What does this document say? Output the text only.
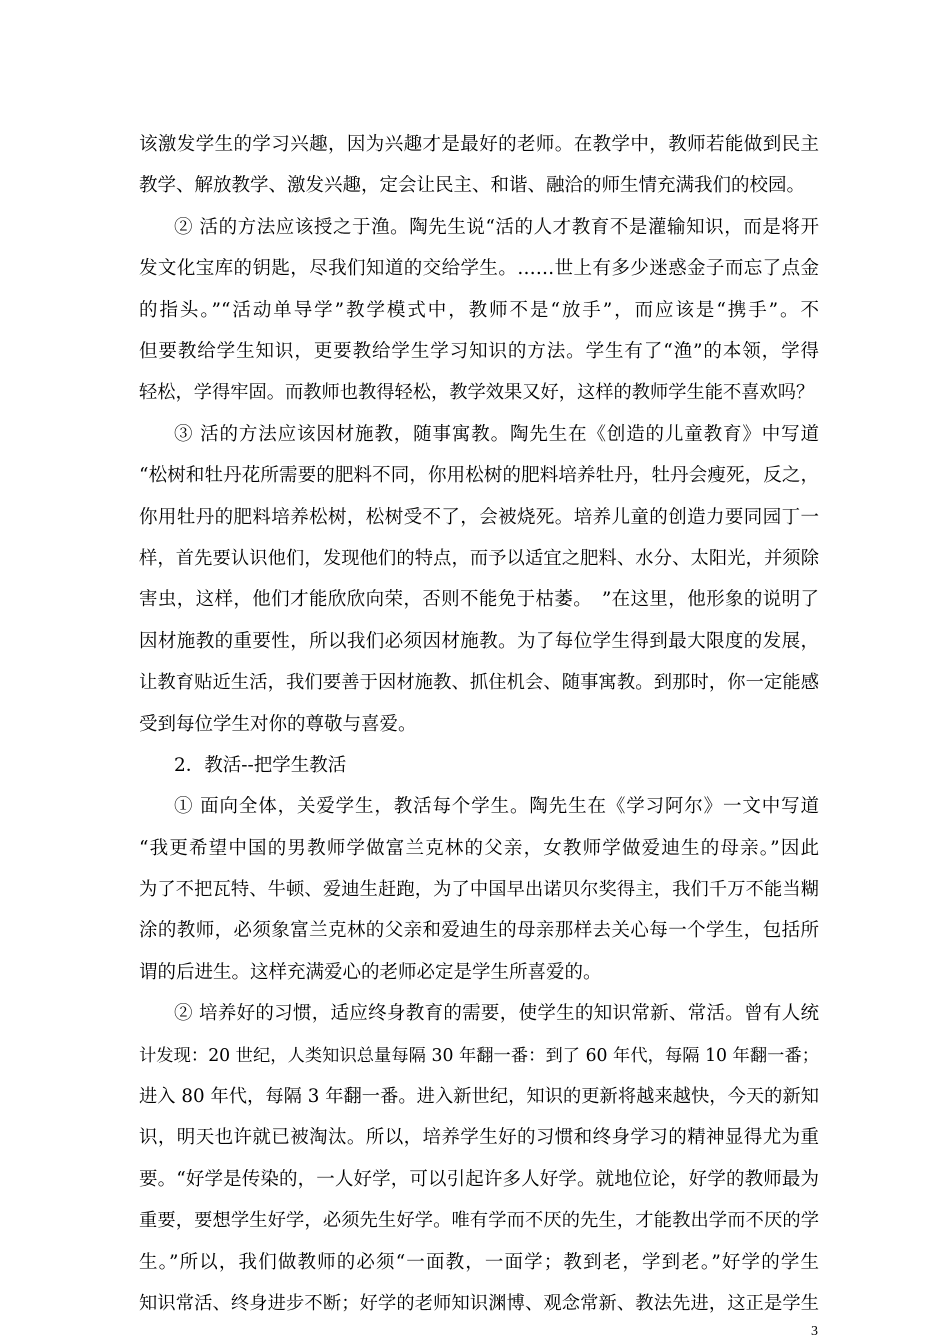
该激发学生的学习兴趣，因为兴趣才是最好的老师。在教学中，教师若能做到民主
教学、解放教学、激发兴趣，定会让民主、和谐、融洽的师生情充满我们的校园。
② 活的方法应该授之于渔。陶先生说“活的人才教育不是灌输知识，而是将开
发文化宝库的钥匙，尽我们知道的交给学生。……世上有多少迷惑金子而忘了点金
的指头。”“活动单导学”教学模式中，教师不是“放手”，而应该是“携手”。不
但要教给学生知识，更要教给学生学习知识的方法。学生有了“渔”的本领，学得
轻松，学得牢固。而教师也教得轻松，教学效果又好，这样的教师学生能不喜欢吗？
③ 活的方法应该因材施教，随事寓教。陶先生在《创造的儿童教育》中写道
“松树和牡丹花所需要的肥料不同，你用松树的肥料培养牡丹，牡丹会瘦死，反之，
你用牡丹的肥料培养松树，松树受不了，会被烧死。培养儿童的创造力要同园丁一
样，首先要认识他们，发现他们的特点，而予以适宜之肥料、水分、太阳光，并须除
害虫，这样，他们才能欣欣向荣，否则不能免于枯萎。　”在这里，他形象的说明了
因材施教的重要性，所以我们必须因材施教。为了每位学生得到最大限度的发展，
让教育贴近生活，我们要善于因材施教、抓住机会、随事寓教。到那时，你一定能感
受到每位学生对你的尊敬与喜爱。
2．教活--把学生教活
① 面向全体，关爱学生，教活每个学生。陶先生在《学习阿尔》一文中写道
“我更希望中国的男教师学做富兰克林的父亲，女教师学做爱迪生的母亲。”因此
为了不把瓦特、牛顿、爱迪生赶跑，为了中国早出诺贝尔奖得主，我们千万不能当糊
涂的教师，必须象富兰克林的父亲和爱迪生的母亲那样去关心每一个学生，包括所
谓的后进生。这样充满爱心的老师必定是学生所喜爱的。
② 培养好的习惯，适应终身教育的需要，使学生的知识常新、常活。曾有人统
计发现：20 世纪，人类知识总量每隔 30 年翻一番：到了 60 年代，每隔 10 年翻一番；
进入 80 年代，每隔 3 年翻一番。进入新世纪，知识的更新将越来越快，今天的新知
识，明天也许就已被淘汰。所以，培养学生好的习惯和终身学习的精神显得尤为重
要。“好学是传染的，一人好学，可以引起许多人好学。就地位论，好学的教师最为
重要，要想学生好学，必须先生好学。唯有学而不厌的先生，才能教出学而不厌的学
生。”所以，我们做教师的必须“一面教，一面学；教到老，学到老。”好学的学生
知识常活、终身进步不断；好学的老师知识渊博、观念常新、教法先进，这正是学生
3
